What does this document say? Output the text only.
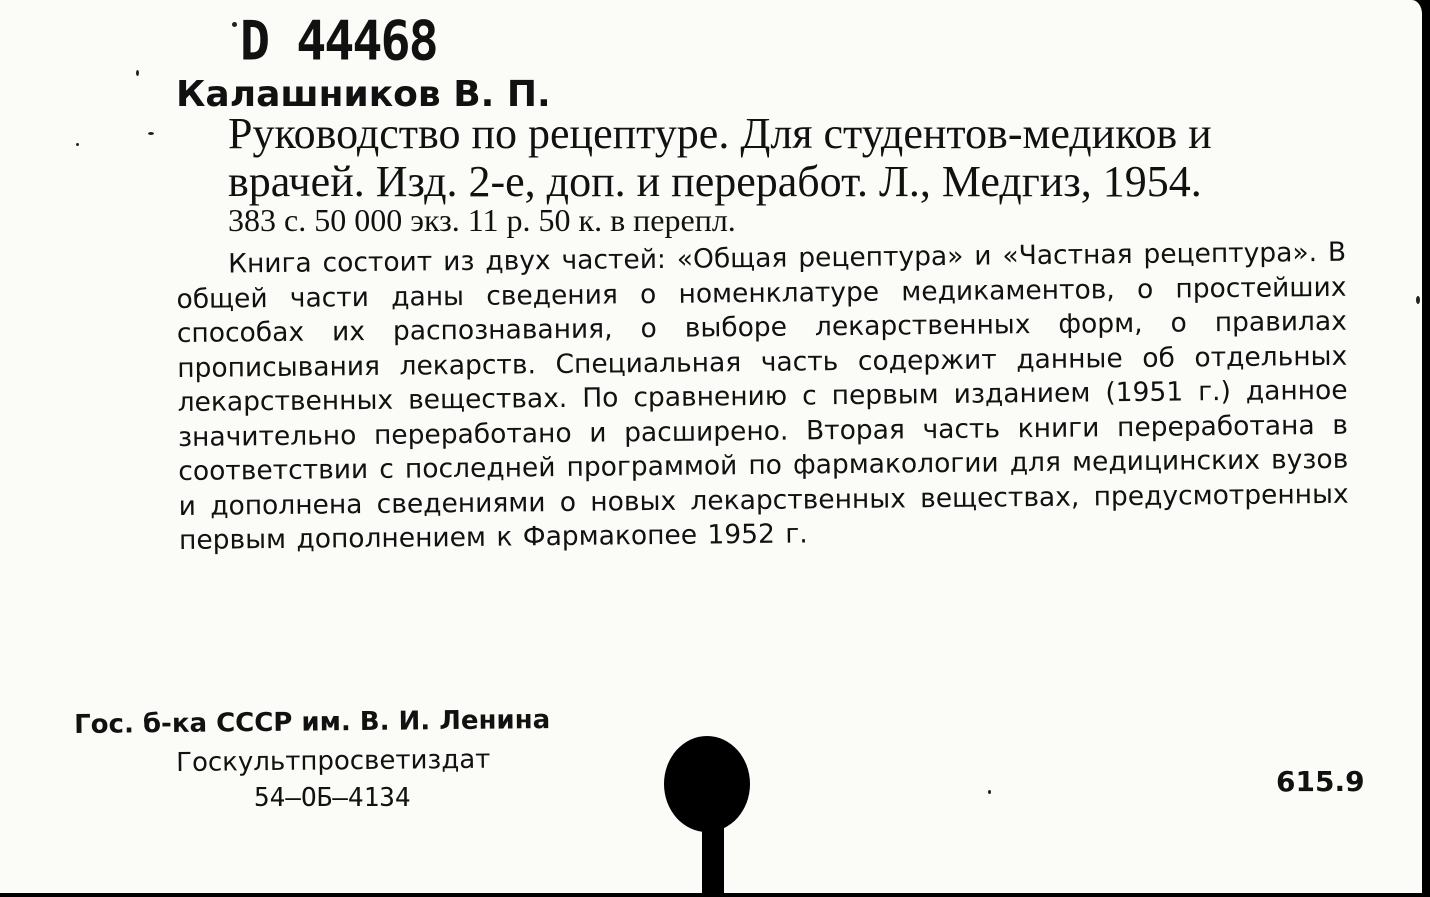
D 44468
Калашников В. П.
Руководство по рецептуре. Для студентов-медиков и
врачей. Изд. 2-е, доп. и переработ. Л., Медгиз, 1954.
383 с. 50 000 экз. 11 р. 50 к. в перепл.
Книга состоит из двух частей: «Общая рецептура» и «Частная рецептура». В общей части даны сведения о номенклатуре медикаментов, о простейших способах их распознавания, о выборе лекарственных форм, о правилах прописывания лекарств. Специальная часть содержит данные об отдельных лекарственных веществах. По сравнению с первым изданием (1951 г.) данное значительно переработано и расширено. Вторая часть книги переработана в соответствии с последней программой по фармакологии для медицинских вузов и дополнена сведениями о новых лекарственных веществах, предусмотренных первым дополнением к Фармакопее 1952 г.
Гос. б-ка СССР им. В. И. Ленина
Госкультпросветиздат
54—ОБ—4134	615.9
